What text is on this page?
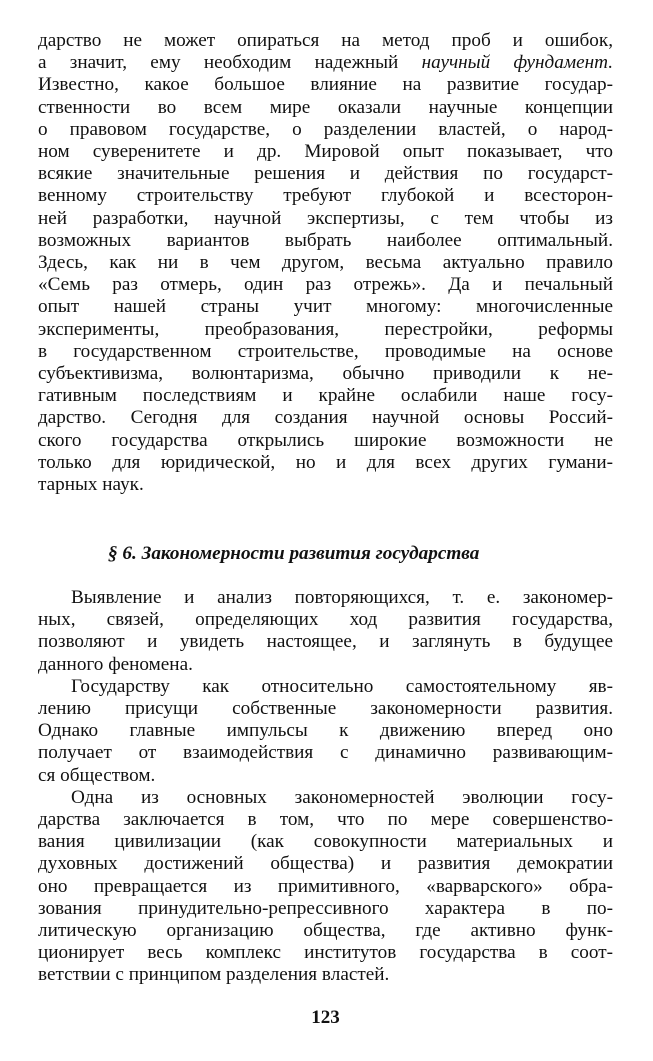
дарство не может опираться на метод проб и ошибок,
а значит, ему необходим надежный научный фундамент.
Известно, какое большое влияние на развитие государ-
ственности во всем мире оказали научные концепции
о правовом государстве, о разделении властей, о народ-
ном суверенитете и др. Мировой опыт показывает, что
всякие значительные решения и действия по государст-
венному строительству требуют глубокой и всесторон-
ней разработки, научной экспертизы, с тем чтобы из
возможных вариантов выбрать наиболее оптимальный.
Здесь, как ни в чем другом, весьма актуально правило
«Семь раз отмерь, один раз отрежь». Да и печальный
опыт нашей страны учит многому: многочисленные
эксперименты, преобразования, перестройки, реформы
в государственном строительстве, проводимые на основе
субъективизма, волюнтаризма, обычно приводили к не-
гативным последствиям и крайне ослабили наше госу-
дарство. Сегодня для создания научной основы Россий-
ского государства открылись широкие возможности не
только для юридической, но и для всех других гумани-
тарных наук.

§ 6. Закономерности развития государства

Выявление и анализ повторяющихся, т. е. закономер-
ных, связей, определяющих ход развития государства,
позволяют и увидеть настоящее, и заглянуть в будущее
данного феномена.

Государству как относительно самостоятельному яв-
лению присущи собственные закономерности развития.
Однако главные импульсы к движению вперед оно
получает от взаимодействия с динамично развивающим-
ся обществом.

Одна из основных закономерностей эволюции госу-
дарства заключается в том, что по мере совершенство-
вания цивилизации (как совокупности материальных и
духовных достижений общества) и развития демократии
оно превращается из примитивного, «варварского» обра-
зования принудительно-репрессивного характера в по-
литическую организацию общества, где активно функ-
ционирует весь комплекс институтов государства в соот-
ветствии с принципом разделения властей.

123
